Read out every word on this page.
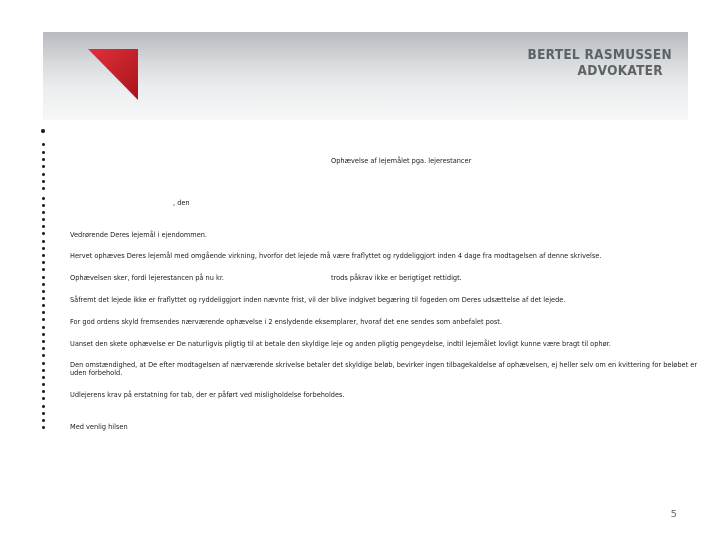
BERTEL RASMUSSEN
ADVOKATER
Ophævelse af lejemålet pga. lejerestancer
, den
Vedrørende Deres lejemål i ejendommen.
Hervet ophæves Deres lejemål med omgående virkning, hvorfor det lejede må være fraflyttet og ryddeliggjort inden 4 dage fra modtagelsen af denne skrivelse.
Ophævelsen sker, fordi lejerestancen på nu kr.	trods påkrav ikke er berigtiget rettidigt.
Såfremt det lejede ikke er fraflyttet og ryddeliggjort inden nævnte frist, vil der blive indgivet begæring til fogeden om Deres udsættelse af det lejede.
For god ordens skyld fremsendes nærværende ophævelse i 2 enslydende eksemplarer, hvoraf det ene sendes som anbefalet post.
Uanset den skete ophævelse er De naturligvis pligtig til at betale den skyldige leje og anden pligtig pengeydelse, indtil lejemålet lovligt kunne være bragt til ophør.
Den omstændighed, at De efter modtagelsen af nærværende skrivelse betaler det skyldige beløb, bevirker ingen tilbagekaldelse af ophævelsen, ej heller selv om en kvittering for beløbet er uden forbehold.
Udlejerens krav på erstatning for tab, der er påført ved misligholdelse forbeholdes.
Med venlig hilsen
5
